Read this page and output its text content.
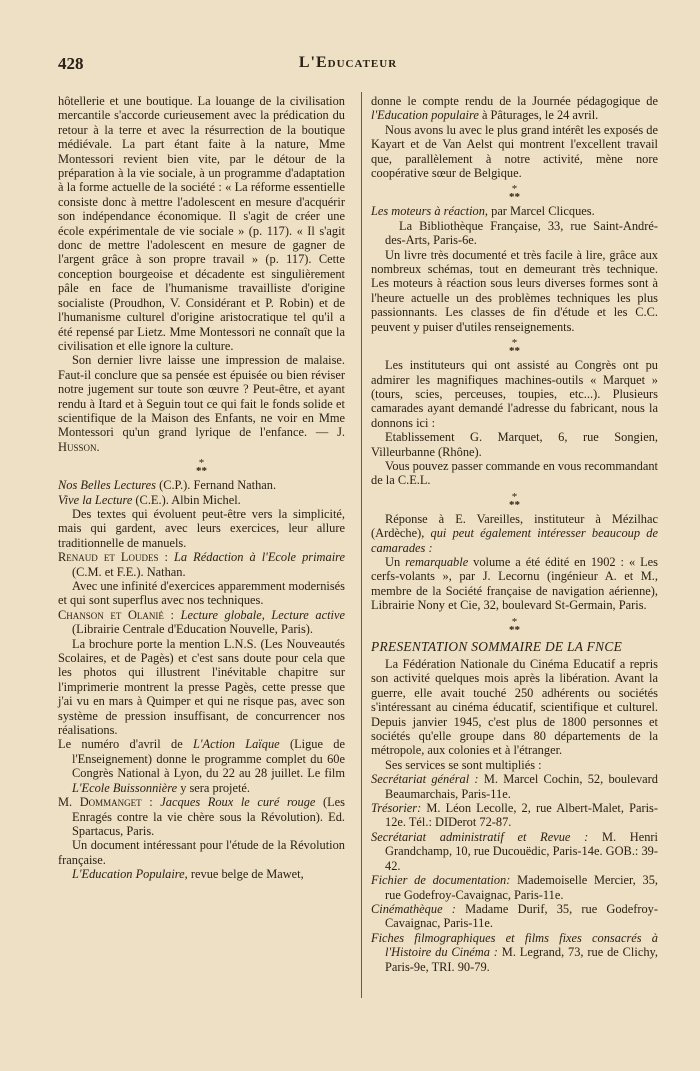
428	L'Educateur

hôtellerie et une boutique. La louange de la civilisation mercantile s'accorde curieusement avec la prédication du retour à la terre et avec la résurrection de la boutique médiévale. La part étant faite à la nature, Mme Montessori revient bien vite, par le détour de la préparation à la vie sociale, à un programme d'adaptation à la forme actuelle de la société : « La réforme essentielle consiste donc à mettre l'adolescent en mesure d'acquérir son indépendance économique. Il s'agit de créer une école expérimentale de vie sociale » (p. 117). « Il s'agit donc de mettre l'adolescent en mesure de gagner de l'argent grâce à son propre travail » (p. 117). Cette conception bourgeoise et décadente est singulièrement pâle en face de l'humanisme travailliste d'origine socialiste (Proudhon, V. Considérant et P. Robin) et de l'humanisme culturel d'origine aristocratique tel qu'il a été repensé par Lietz. Mme Montessori ne connaît que la civilisation et elle ignore la culture.

Son dernier livre laisse une impression de malaise. Faut-il conclure que sa pensée est épuisée ou bien réviser notre jugement sur toute son œuvre ? Peut-être, et ayant rendu à Itard et à Seguin tout ce qui fait le fonds solide et scientifique de la Maison des Enfants, ne voir en Mme Montessori qu'un grand lyrique de l'enfance. — J. Husson.

*
**

Nos Belles Lectures (C.P.). Fernand Nathan.

Vive la Lecture (C.E.). Albin Michel.

Des textes qui évoluent peut-être vers la simplicité, mais qui gardent, avec leurs exercices, leur allure traditionnelle de manuels.

Renaud et Loudes : La Rédaction à l'Ecole primaire (C.M. et F.E.). Nathan.

Avec une infinité d'exercices apparemment modernisés et qui sont superflus avec nos techniques.

Chanson et Olanié : Lecture globale, Lecture active (Librairie Centrale d'Education Nouvelle, Paris).

La brochure porte la mention L.N.S. (Les Nouveautés Scolaires, et de Pagès) et c'est sans doute pour cela que les photos qui illustrent l'inévitable chapitre sur l'imprimerie montrent la presse Pagès, cette presse que j'ai vu en mars à Quimper et qui ne risque pas, avec son système de pression insuffisant, de concurrencer nos réalisations.

Le numéro d'avril de L'Action Laïque (Ligue de l'Enseignement) donne le programme complet du 60e Congrès National à Lyon, du 22 au 28 juillet. Le film L'Ecole Buissonnière y sera projeté.

M. Dommanget : Jacques Roux le curé rouge (Les Enragés contre la vie chère sous la Révolution). Ed. Spartacus, Paris.

Un document intéressant pour l'étude de la Révolution française.

L'Education Populaire, revue belge de Mawet,

donne le compte rendu de la Journée pédagogique de l'Education populaire à Pâturages, le 24 avril.

Nous avons lu avec le plus grand intérêt les exposés de Kayart et de Van Aelst qui montrent l'excellent travail que, parallèlement à notre activité, mène nore coopérative sœur de Belgique.

*
**

Les moteurs à réaction, par Marcel Clicques.

La Bibliothèque Française, 33, rue Saint-André-des-Arts, Paris-6e.

Un livre très documenté et très facile à lire, grâce aux nombreux schémas, tout en demeurant très technique. Les moteurs à réaction sous leurs diverses formes sont à l'heure actuelle un des problèmes techniques les plus passionnants. Les classes de fin d'étude et les C.C. peuvent y puiser d'utiles renseignements.

*
**

Les instituteurs qui ont assisté au Congrès ont pu admirer les magnifiques machines-outils « Marquet » (tours, scies, perceuses, toupies, etc...). Plusieurs camarades ayant demandé l'adresse du fabricant, nous la donnons ici :

Etablissement G. Marquet, 6, rue Songien, Villeurbanne (Rhône).

Vous pouvez passer commande en vous recommandant de la C.E.L.

*
**

Réponse à E. Vareilles, instituteur à Mézilhac (Ardèche), qui peut également intéresser beaucoup de camarades :

Un remarquable volume a été édité en 1902 : « Les cerfs-volants », par J. Lecornu (ingénieur A. et M., membre de la Société française de navigation aérienne), Librairie Nony et Cie, 32, boulevard St-Germain, Paris.

*
**
PRESENTATION SOMMAIRE DE LA FNCE

La Fédération Nationale du Cinéma Educatif a repris son activité quelques mois après la libération. Avant la guerre, elle avait touché 250 adhérents ou sociétés s'intéressant au cinéma éducatif, scientifique et culturel. Depuis janvier 1945, c'est plus de 1800 personnes et sociétés qu'elle groupe dans 80 départements de la métropole, aux colonies et à l'étranger.

Ses services se sont multipliés :

Secrétariat général : M. Marcel Cochin, 52, boulevard Beaumarchais, Paris-11e.

Trésorier: M. Léon Lecolle, 2, rue Albert-Malet, Paris-12e. Tél.: DIDerot 72-87.

Secrétariat administratif et Revue : M. Henri Grandchamp, 10, rue Ducouëdic, Paris-14e. GOB.: 39-42.

Fichier de documentation: Mademoiselle Mercier, 35, rue Godefroy-Cavaignac, Paris-11e.

Cinémathèque : Madame Durif, 35, rue Godefroy-Cavaignac, Paris-11e.

Fiches filmographiques et films fixes consacrés à l'Histoire du Cinéma : M. Legrand, 73, rue de Clichy, Paris-9e, TRI. 90-79.
